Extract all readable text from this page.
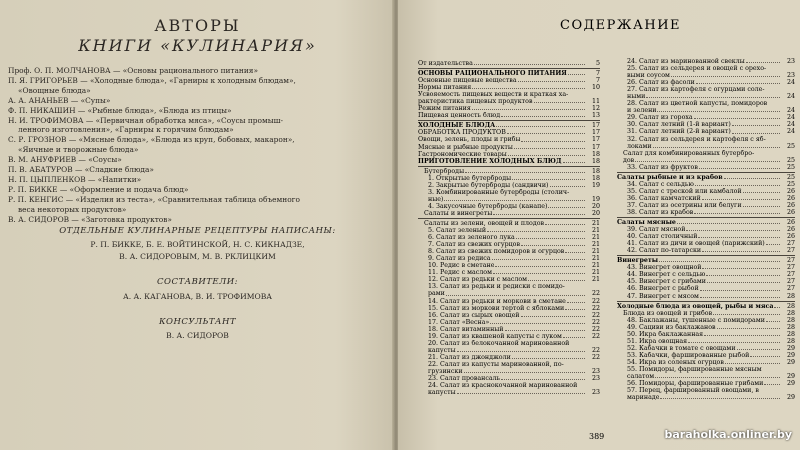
АВТОРЫ
КНИГИ «КУЛИНАРИЯ»
Проф. О. П. МОЛЧАНОВА — «Основы рационального питания»
П. Я. ГРИГОРЬЕВ — «Холодные блюда», «Гарниры к холодным блюдам»,
«Овощные блюда»
А. А. АНАНЬЕВ — «Супы»
Ф. П. НИКАШИН — «Рыбные блюда», «Блюда из птицы»
Н. И. ТРОФИМОВА — «Первичная обработка мяса», «Соусы промыш-
ленного изготовления», «Гарниры к горячим блюдам»
С. Р. ГРОЗНОВ — «Мясные блюда», «Блюда из круп, бобовых, макарон»,
«Яичные и творожные блюда»
В. М. АНУФРИЕВ — «Соусы»
П. В. АБАТУРОВ — «Сладкие блюда»
Н. П. ЦЫПЛЕНКОВ — «Напитки»
Р. П. БИККЕ — «Оформление и подача блюд»
Р. П. КЕНГИС — «Изделия из теста», «Сравнительная таблица объемного
веса некоторых продуктов»
В. А. СИДОРОВ — «Заготовка продуктов»
ОТДЕЛЬНЫЕ КУЛИНАРНЫЕ РЕЦЕПТУРЫ НАПИСАНЫ:
Р. П. БИККЕ, Б. Е. ВОЙТИНСКОЙ, Н. С. КИКНАДЗЕ,
В. А. СИДОРОВЫМ, М. В. РКЛИЦКИМ
СОСТАВИТЕЛИ:
А. А. КАГАНОВА, В. И. ТРОФИМОВА
КОНСУЛЬТАНТ
В. А. СИДОРОВ
СОДЕРЖАНИЕ
От издательства	5
ОСНОВЫ РАЦИОНАЛЬНОГО ПИТАНИЯ	7
Основные пищевые вещества	7
Нормы питания	10
Усвояемость пищевых веществ и краткая ха-
рактеристика пищевых продуктов	11
Режим питания	12
Пищевая ценность блюд	13
ХОЛОДНЫЕ БЛЮДА	17
ОБРАБОТКА ПРОДУКТОВ	17
Овощи, зелень, плоды и грибы	17
Мясные и рыбные продукты	17
Гастрономические товары	18
ПРИГОТОВЛЕНИЕ ХОЛОДНЫХ БЛЮД	18
Бутерброды	18
1. Открытые бутерброды	18
2. Закрытые бутерброды (сандвичи)	19
3. Комбинированные бутерброды (столич-
ные)	19
4. Закусочные бутерброды (канапе)	20
Салаты и винегреты	20
Салаты из зелени, овощей и плодов	21
5. Салат зеленый	21
6. Салат из зеленого лука	21
7. Салат из свежих огурцов	21
8. Салат из свежих помидоров и огурцов	21
9. Салат из редиса	21
10. Редис в сметане	21
11. Редис с маслом	21
12. Салат из редьки с маслом	21
13. Салат из редьки и редиски с помидо-
рами	22
14. Салат из редьки и моркови в сметане	22
15. Салат из моркови тертой с яблоками	22
16. Салат из сырых овощей	22
17. Салат «Весна»	22
18. Салат витаминный	22
19. Салат из квашеной капусты с луком	22
20. Салат из белокочанной маринованной
капусты	22
21. Салат из джонджоли	22
22. Салат из капусты маринованной, по-
грузински	23
23. Салат провансаль	23
24. Салат из краснокочанной маринованной
капусты	23
24. Салат из маринованной свеклы	23
25. Салат из сельдерея и овощей с орехо-
выми соусом	23
26. Салат из фасоли	24
27. Салат из картофеля с огурцами соле-
ными	24
28. Салат из цветной капусты, помидоров
и зелени	24
29. Салат из гороха	24
30. Салат летний (1-й вариант)	24
31. Салат летний (2-й вариант)	24
32. Салат из сельдерея и картофеля с яб-
локами	25
Салат для комбинированных бутербро-
дов	25
33. Салат из фруктов	25
Салаты рыбные и из крабов	25
34. Салат с сельдью	25
35. Салат с треской или камбалой	26
36. Салат камчатский	26
37. Салат из осетрины или белуги	26
38. Салат из крабов	26
Салаты мясные	26
39. Салат мясной	26
40. Салат столичный	26
41. Салат из дичи и овощей (парижский)	27
42. Салат по-татарски	27
Винегреты	27
43. Винегрет овощной	27
44. Винегрет с сельдью	27
45. Винегрет с грибами	27
46. Винегрет с рыбой	27
47. Винегрет с мясом	28
Холодные блюда из овощей, рыбы и мяса	28
Блюда из овощей и грибов	28
48. Баклажаны, тушенные с помидорами	28
49. Сациви из баклажанов	28
50. Икра баклажанная	28
51. Икра овощная	28
52. Кабачки в томате с овощами	29
53. Кабачки, фаршированные рыбой	29
54. Икра из соленых огурцов	29
55. Помидоры, фаршированные мясным
салатом	29
56. Помидоры, фаршированные грибами	29
57. Перец, фаршированный овощами, в
маринаде	29
389	baraholka.onliner.by
